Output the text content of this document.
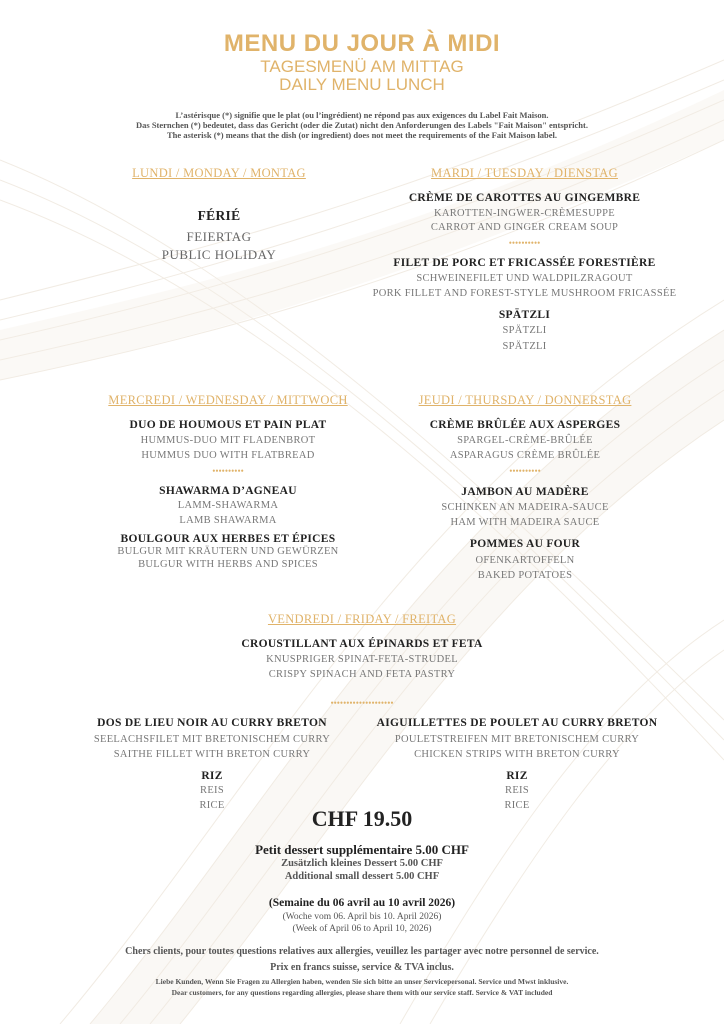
MENU DU JOUR À MIDI
TAGESMENÜ AM MITTAG
DAILY MENU LUNCH
L’astérisque (*) signifie que le plat (ou l’ingrédient) ne répond pas aux exigences du Label Fait Maison.
Das Sternchen (*) bedeutet, dass das Gericht (oder die Zutat) nicht den Anforderungen des Labels "Fait Maison" entspricht.
The asterisk (*) means that the dish (or ingredient) does not meet the requirements of the Fait Maison label.
LUNDI / MONDAY / MONTAG
FÉRIÉ
FEIERTAG
PUBLIC HOLIDAY
MARDI / TUESDAY / DIENSTAG
CRÈME DE CAROTTES AU GINGEMBRE
KAROTTEN-INGWER-CRÈMESUPPE
CARROT AND GINGER CREAM SOUP
••••••••••
FILET DE PORC ET FRICASSÉE FORESTIÈRE
SCHWEINEFILET UND WALDPILZRAGOUT
PORK FILLET AND FOREST-STYLE MUSHROOM FRICASSÉE
SPÄTZLI
SPÄTZLI
SPÄTZLI
MERCREDI / WEDNESDAY / MITTWOCH
DUO DE HOUMOUS ET PAIN PLAT
HUMMUS-DUO MIT FLADENBROT
HUMMUS DUO WITH FLATBREAD
••••••••••
SHAWARMA D’AGNEAU
LAMM-SHAWARMA
LAMB SHAWARMA
BOULGOUR AUX HERBES ET ÉPICES
BULGUR MIT KRÄUTERN UND GEWÜRZEN
BULGUR WITH HERBS AND SPICES
JEUDI / THURSDAY / DONNERSTAG
CRÈME BRÛLÉE AUX ASPERGES
SPARGEL-CRÈME-BRÛLÉE
ASPARAGUS CRÈME BRÛLÉE
••••••••••
JAMBON AU MADÈRE
SCHINKEN AN MADEIRA-SAUCE
HAM WITH MADEIRA SAUCE
POMMES AU FOUR
OFENKARTOFFELN
BAKED POTATOES
VENDREDI / FRIDAY / FREITAG
CROUSTILLANT AUX ÉPINARDS ET FETA
KNUSPRIGER SPINAT-FETA-STRUDEL
CRISPY SPINACH AND FETA PASTRY
••••••••••••••••••••
DOS DE LIEU NOIR AU CURRY BRETON
SEELACHSFILET MIT BRETONISCHEM CURRY
SAITHE FILLET WITH BRETON CURRY
RIZ
REIS
RICE
AIGUILLETTES DE POULET AU CURRY BRETON
POULETSTREIFEN MIT BRETONISCHEM CURRY
CHICKEN STRIPS WITH BRETON CURRY
RIZ
REIS
RICE
CHF 19.50
Petit dessert supplémentaire 5.00 CHF
Zusätzlich kleines Dessert 5.00 CHF
Additional small dessert 5.00 CHF
(Semaine du 06 avril au 10 avril 2026)
(Woche vom 06. April bis 10. April 2026)
(Week of April 06 to April 10, 2026)
Chers clients, pour toutes questions relatives aux allergies, veuillez les partager avec notre personnel de service.
Prix en francs suisse, service & TVA inclus.
Liebe Kunden, Wenn Sie Fragen zu Allergien haben, wenden Sie sich bitte an unser Servicepersonal. Service und Mwst inklusive.
Dear customers, for any questions regarding allergies, please share them with our service staff. Service & VAT included
